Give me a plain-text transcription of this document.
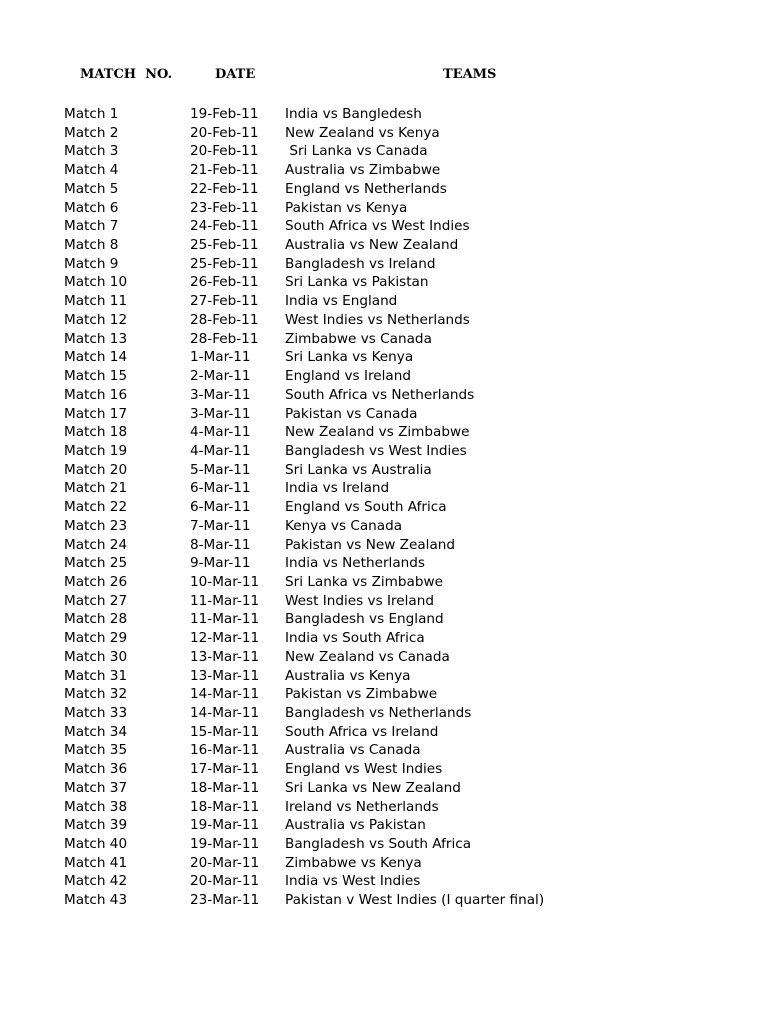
MATCH  NO.	DATE	TEAMS
Match 1	19-Feb-11 India vs Bangledesh
Match 2	20-Feb-11 New Zealand vs Kenya
Match 3	20-Feb-11 Sri Lanka vs Canada
Match 4	21-Feb-11 Australia vs Zimbabwe
Match 5	22-Feb-11 England vs Netherlands
Match 6	23-Feb-11 Pakistan vs Kenya
Match 7	24-Feb-11 South Africa vs West Indies
Match 8	25-Feb-11 Australia vs New Zealand
Match 9	25-Feb-11 Bangladesh vs Ireland
Match 10	26-Feb-11 Sri Lanka vs Pakistan
Match 11	27-Feb-11 India vs England
Match 12	28-Feb-11 West Indies vs Netherlands
Match 13	28-Feb-11 Zimbabwe vs Canada
Match 14	1-Mar-11	Sri Lanka vs Kenya
Match 15	2-Mar-11	England vs Ireland
Match 16	3-Mar-11	South Africa vs Netherlands
Match 17	3-Mar-11	Pakistan vs Canada
Match 18	4-Mar-11	New Zealand vs Zimbabwe
Match 19	4-Mar-11	Bangladesh vs West Indies
Match 20	5-Mar-11	Sri Lanka vs Australia
Match 21	6-Mar-11	India vs Ireland
Match 22	6-Mar-11	England vs South Africa
Match 23	7-Mar-11	Kenya vs Canada
Match 24	8-Mar-11	Pakistan vs New Zealand
Match 25	9-Mar-11	India vs Netherlands
Match 26	10-Mar-11 Sri Lanka vs Zimbabwe
Match 27	11-Mar-11 West Indies vs Ireland
Match 28	11-Mar-11 Bangladesh vs England
Match 29	12-Mar-11 India vs South Africa
Match 30	13-Mar-11 New Zealand vs Canada
Match 31	13-Mar-11 Australia vs Kenya
Match 32	14-Mar-11 Pakistan vs Zimbabwe
Match 33	14-Mar-11 Bangladesh vs Netherlands
Match 34	15-Mar-11 South Africa vs Ireland
Match 35	16-Mar-11 Australia vs Canada
Match 36	17-Mar-11 England vs West Indies
Match 37	18-Mar-11 Sri Lanka vs New Zealand
Match 38	18-Mar-11 Ireland vs Netherlands
Match 39	19-Mar-11 Australia vs Pakistan
Match 40	19-Mar-11 Bangladesh vs South Africa
Match 41	20-Mar-11 Zimbabwe vs Kenya
Match 42	20-Mar-11 India vs West Indies
Match 43	23-Mar-11 Pakistan v West Indies (I quarter final)
